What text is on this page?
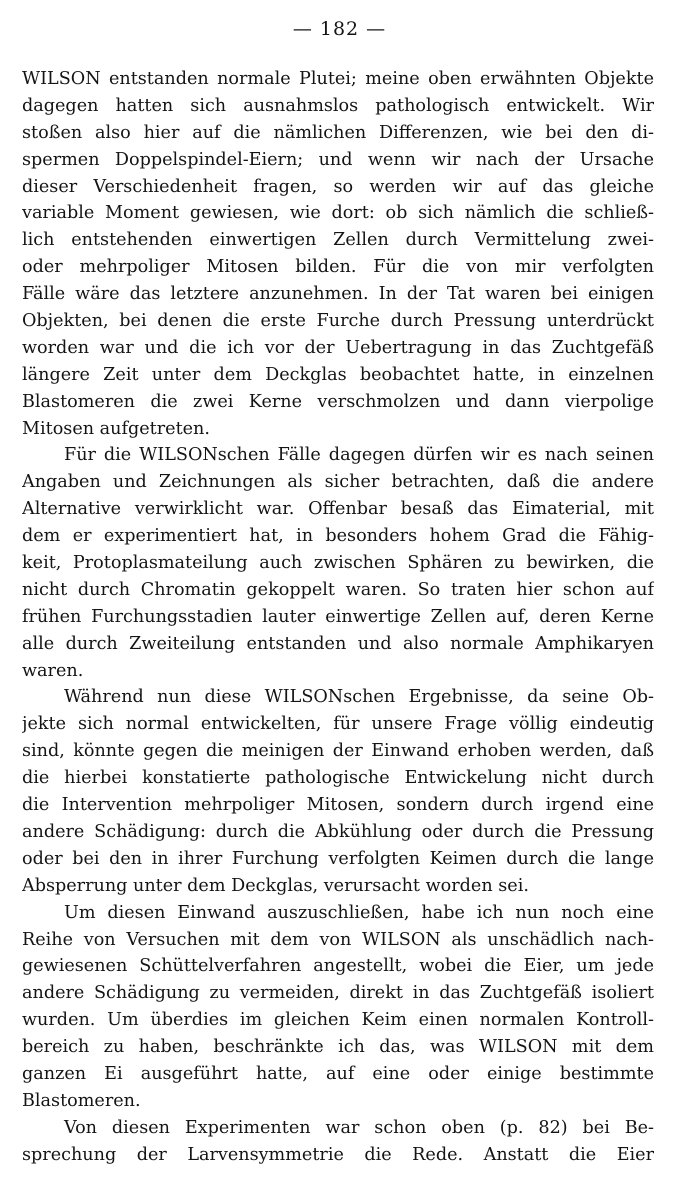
— 182 —
WILSON entstanden normale Plutei; meine oben erwähnten Objekte
dagegen hatten sich ausnahmslos pathologisch entwickelt. Wir
stoßen also hier auf die nämlichen Differenzen, wie bei den di-
spermen Doppelspindel-Eiern; und wenn wir nach der Ursache
dieser Verschiedenheit fragen, so werden wir auf das gleiche
variable Moment gewiesen, wie dort: ob sich nämlich die schließ-
lich entstehenden einwertigen Zellen durch Vermittelung zwei-
oder mehrpoliger Mitosen bilden. Für die von mir verfolgten
Fälle wäre das letztere anzunehmen. In der Tat waren bei einigen
Objekten, bei denen die erste Furche durch Pressung unterdrückt
worden war und die ich vor der Uebertragung in das Zuchtgefäß
längere Zeit unter dem Deckglas beobachtet hatte, in einzelnen
Blastomeren die zwei Kerne verschmolzen und dann vierpolige
Mitosen aufgetreten.
Für die WILSONschen Fälle dagegen dürfen wir es nach seinen
Angaben und Zeichnungen als sicher betrachten, daß die andere
Alternative verwirklicht war. Offenbar besaß das Eimaterial, mit
dem er experimentiert hat, in besonders hohem Grad die Fähig-
keit, Protoplasmateilung auch zwischen Sphären zu bewirken, die
nicht durch Chromatin gekoppelt waren. So traten hier schon auf
frühen Furchungsstadien lauter einwertige Zellen auf, deren Kerne
alle durch Zweiteilung entstanden und also normale Amphikaryen
waren.
Während nun diese WILSONschen Ergebnisse, da seine Ob-
jekte sich normal entwickelten, für unsere Frage völlig eindeutig
sind, könnte gegen die meinigen der Einwand erhoben werden, daß
die hierbei konstatierte pathologische Entwickelung nicht durch
die Intervention mehrpoliger Mitosen, sondern durch irgend eine
andere Schädigung: durch die Abkühlung oder durch die Pressung
oder bei den in ihrer Furchung verfolgten Keimen durch die lange
Absperrung unter dem Deckglas, verursacht worden sei.
Um diesen Einwand auszuschließen, habe ich nun noch eine
Reihe von Versuchen mit dem von WILSON als unschädlich nach-
gewiesenen Schüttelverfahren angestellt, wobei die Eier, um jede
andere Schädigung zu vermeiden, direkt in das Zuchtgefäß isoliert
wurden. Um überdies im gleichen Keim einen normalen Kontroll-
bereich zu haben, beschränkte ich das, was WILSON mit dem
ganzen Ei ausgeführt hatte, auf eine oder einige bestimmte
Blastomeren.
Von diesen Experimenten war schon oben (p. 82) bei Be-
sprechung der Larvensymmetrie die Rede. Anstatt die Eier
